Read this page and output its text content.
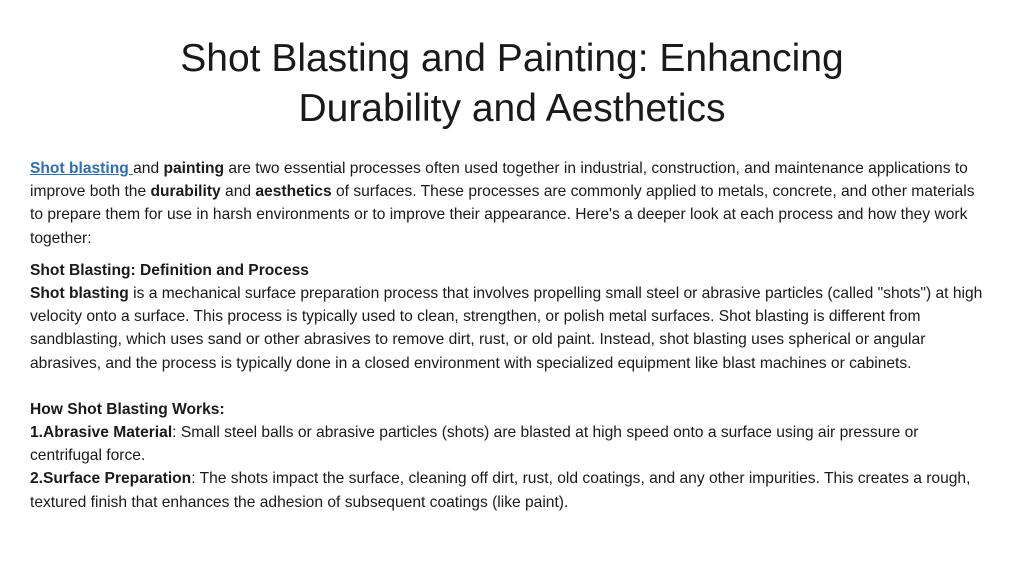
Shot Blasting and Painting: Enhancing
Durability and Aesthetics

Shot blasting and painting are two essential processes often used together in industrial, construction, and maintenance applications to improve both the durability and aesthetics of surfaces. These processes are commonly applied to metals, concrete, and other materials to prepare them for use in harsh environments or to improve their appearance. Here's a deeper look at each process and how they work together:

Shot Blasting: Definition and Process

Shot blasting is a mechanical surface preparation process that involves propelling small steel or abrasive particles (called "shots") at high velocity onto a surface. This process is typically used to clean, strengthen, or polish metal surfaces. Shot blasting is different from sandblasting, which uses sand or other abrasives to remove dirt, rust, or old paint. Instead, shot blasting uses spherical or angular abrasives, and the process is typically done in a closed environment with specialized equipment like blast machines or cabinets.

How Shot Blasting Works:

1.Abrasive Material: Small steel balls or abrasive particles (shots) are blasted at high speed onto a surface using air pressure or centrifugal force.

2.Surface Preparation: The shots impact the surface, cleaning off dirt, rust, old coatings, and any other impurities. This creates a rough, textured finish that enhances the adhesion of subsequent coatings (like paint).
